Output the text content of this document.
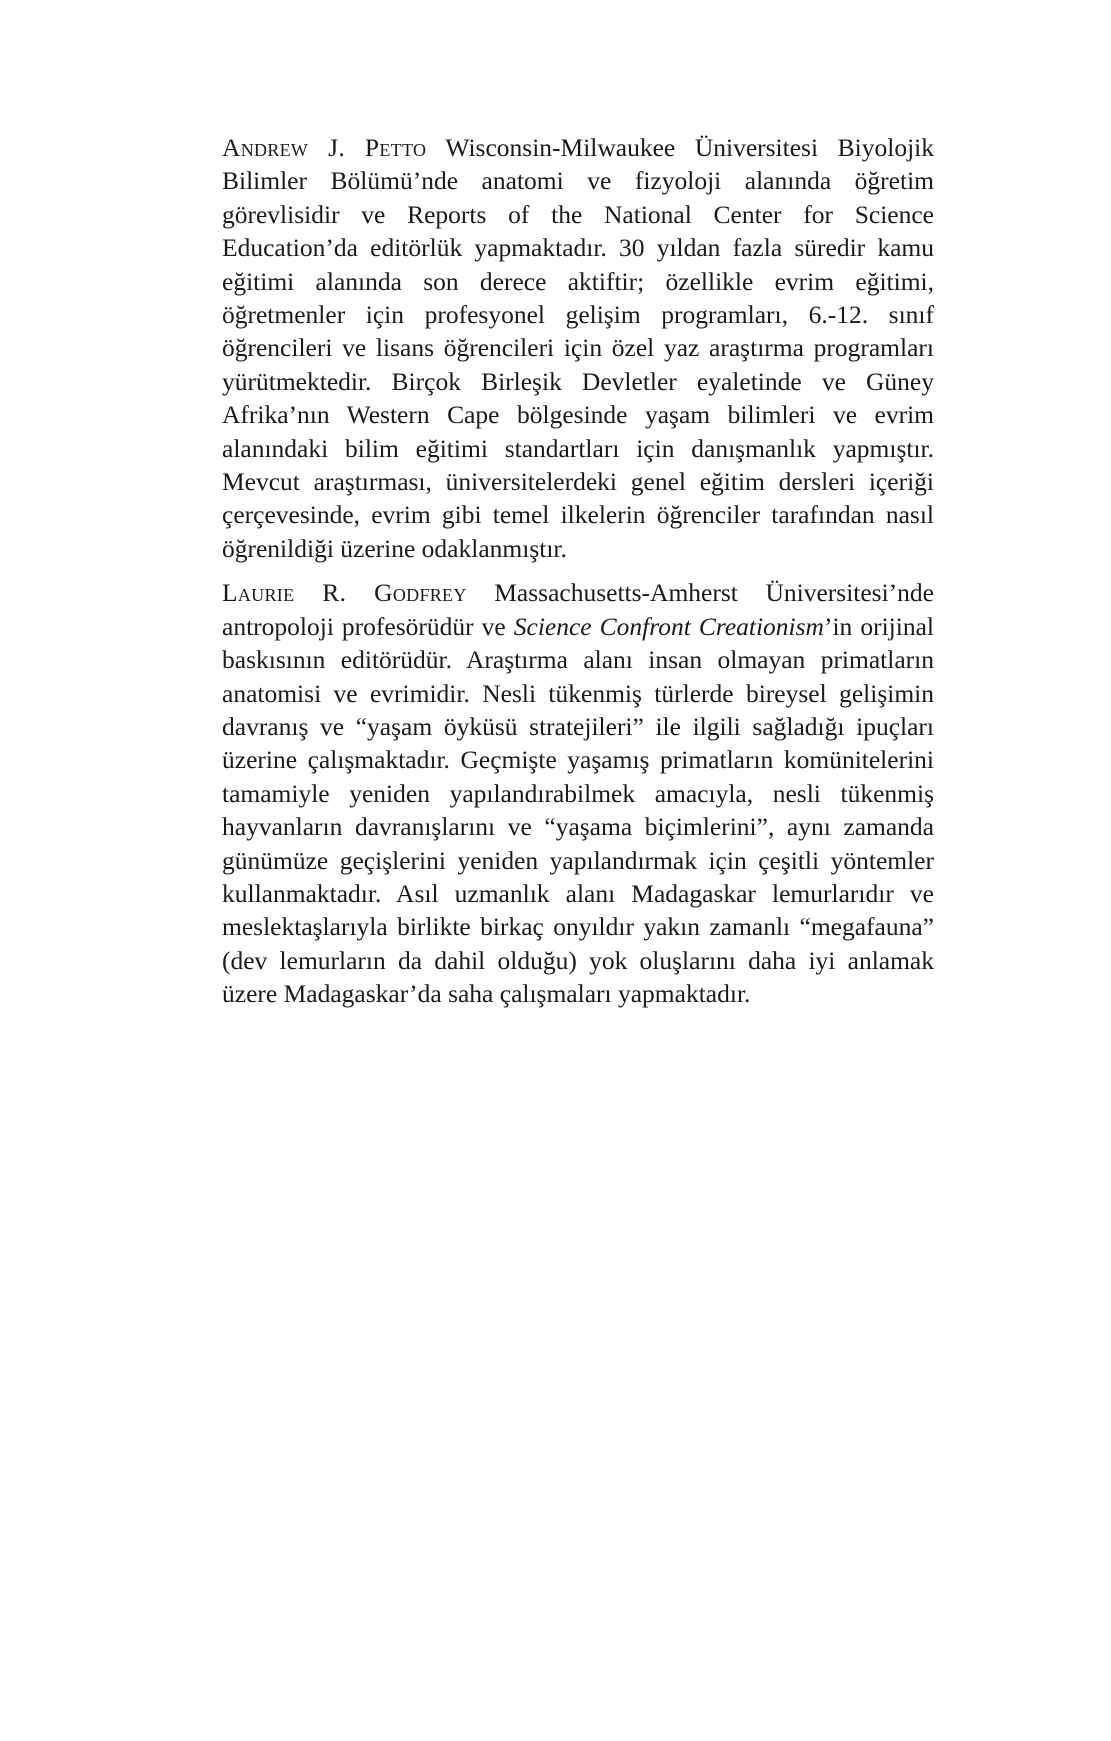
Andrew J. Petto Wisconsin-Milwaukee Üniversitesi Biyolojik Bilimler Bölümü’nde anatomi ve fizyoloji alanında öğretim görevlisidir ve Reports of the National Center for Science Education’da editörlük yapmaktadır. 30 yıldan fazla süredir kamu eğitimi alanında son derece aktiftir; özellikle evrim eğitimi, öğretmenler için profesyonel gelişim programları, 6.-12. sınıf öğrencileri ve lisans öğrencileri için özel yaz araştırma programları yürütmektedir. Birçok Birleşik Devletler eyaletinde ve Güney Afrika’nın Western Cape bölgesinde yaşam bilimleri ve evrim alanındaki bilim eğitimi standartları için danışmanlık yapmıştır. Mevcut araştırması, üniversitelerdeki genel eğitim dersleri içeriği çerçevesinde, evrim gibi temel ilkelerin öğrenciler tarafından nasıl öğrenildiği üzerine odaklanmıştır.

Laurie R. Godfrey Massachusetts-Amherst Üniversitesi’nde antropoloji profesörüdür ve Science Confront Creationism’in orijinal baskısının editörüdür. Araştırma alanı insan olmayan primatların anatomisi ve evrimidir. Nesli tükenmiş türlerde bireysel gelişimin davranış ve “yaşam öyküsü stratejileri” ile ilgili sağladığı ipuçları üzerine çalışmaktadır. Geçmişte yaşamış primatların komünitelerini tamamiyle yeniden yapılandırabilmek amacıyla, nesli tükenmiş hayvanların davranışlarını ve “yaşama biçimlerini”, aynı zamanda günümüze geçişlerini yeniden yapılandırmak için çeşitli yöntemler kullanmaktadır. Asıl uzmanlık alanı Madagaskar lemurlarıdır ve meslektaşlarıyla birlikte birkaç onyıldır yakın zamanlı “megafauna” (dev lemurların da dahil olduğu) yok oluşlarını daha iyi anlamak üzere Madagaskar’da saha çalışmaları yapmaktadır.
